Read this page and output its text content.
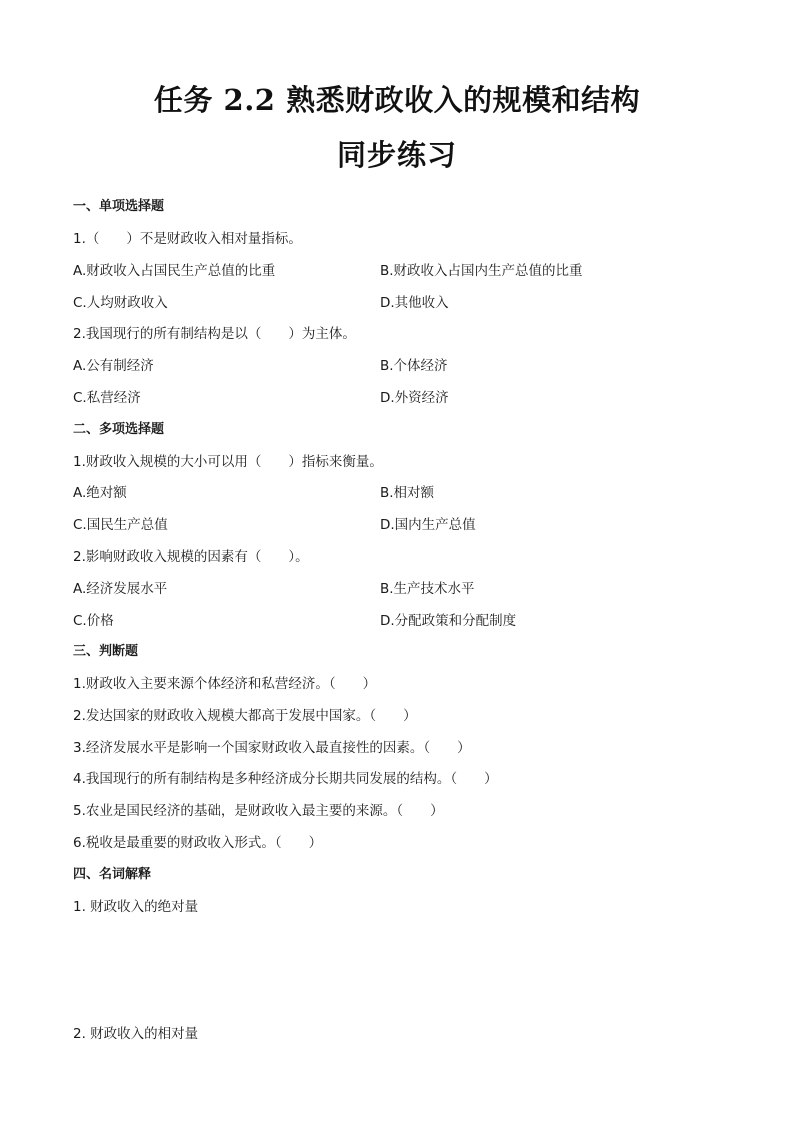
任务 2.2 熟悉财政收入的规模和结构
同步练习
一、单项选择题
1.（　　）不是财政收入相对量指标。
A.财政收入占国民生产总值的比重	B.财政收入占国内生产总值的比重
C.人均财政收入	D.其他收入
2.我国现行的所有制结构是以（　　）为主体。
A.公有制经济	B.个体经济
C.私营经济	D.外资经济
二、多项选择题
1.财政收入规模的大小可以用（　　）指标来衡量。
A.绝对额	B.相对额
C.国民生产总值	D.国内生产总值
2.影响财政收入规模的因素有（　　）。
A.经济发展水平	B.生产技术水平
C.价格	D.分配政策和分配制度
三、判断题
1.财政收入主要来源个体经济和私营经济。（　　）
2.发达国家的财政收入规模大都高于发展中国家。（　　）
3.经济发展水平是影响一个国家财政收入最直接性的因素。（　　）
4.我国现行的所有制结构是多种经济成分长期共同发展的结构。（　　）
5.农业是国民经济的基础，是财政收入最主要的来源。（　　）
6.税收是最重要的财政收入形式。（　　）
四、名词解释
1. 财政收入的绝对量
2. 财政收入的相对量
